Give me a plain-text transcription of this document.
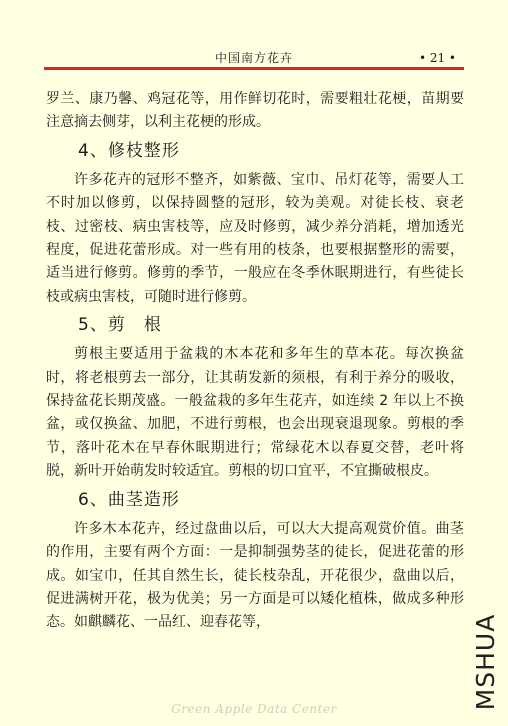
中国南方花卉	• 21 •

罗兰、康乃馨、鸡冠花等，用作鲜切花时，需要粗壮花梗，苗期要注意摘去侧芽，以利主花梗的形成。

4、修枝整形

许多花卉的冠形不整齐，如紫薇、宝巾、吊灯花等，需要人工不时加以修剪，以保持圆整的冠形，较为美观。对徒长枝、衰老枝、过密枝、病虫害枝等，应及时修剪，减少养分消耗，增加透光程度，促进花蕾形成。对一些有用的枝条，也要根据整形的需要，适当进行修剪。修剪的季节，一般应在冬季休眠期进行，有些徒长枝或病虫害枝，可随时进行修剪。

5、剪　根

剪根主要适用于盆栽的木本花和多年生的草本花。每次换盆时，将老根剪去一部分，让其萌发新的须根，有利于养分的吸收，保持盆花长期茂盛。一般盆栽的多年生花卉，如连续 2 年以上不换盆，或仅换盆、加肥，不进行剪根，也会出现衰退现象。剪根的季节，落叶花木在早春休眠期进行；常绿花木以春夏交替，老叶将脱，新叶开始萌发时较适宜。剪根的切口宜平，不宜撕破根皮。

6、曲茎造形

许多木本花卉，经过盘曲以后，可以大大提高观赏价值。曲茎的作用，主要有两个方面：一是抑制强势茎的徒长，促进花蕾的形成。如宝巾，任其自然生长，徒长枝杂乱，开花很少，盘曲以后，促进满树开花，极为优美；另一方面是可以矮化植株，做成多种形态。如麒麟花、一品红、迎春花等，

Green Apple Data Center	MSHUA
